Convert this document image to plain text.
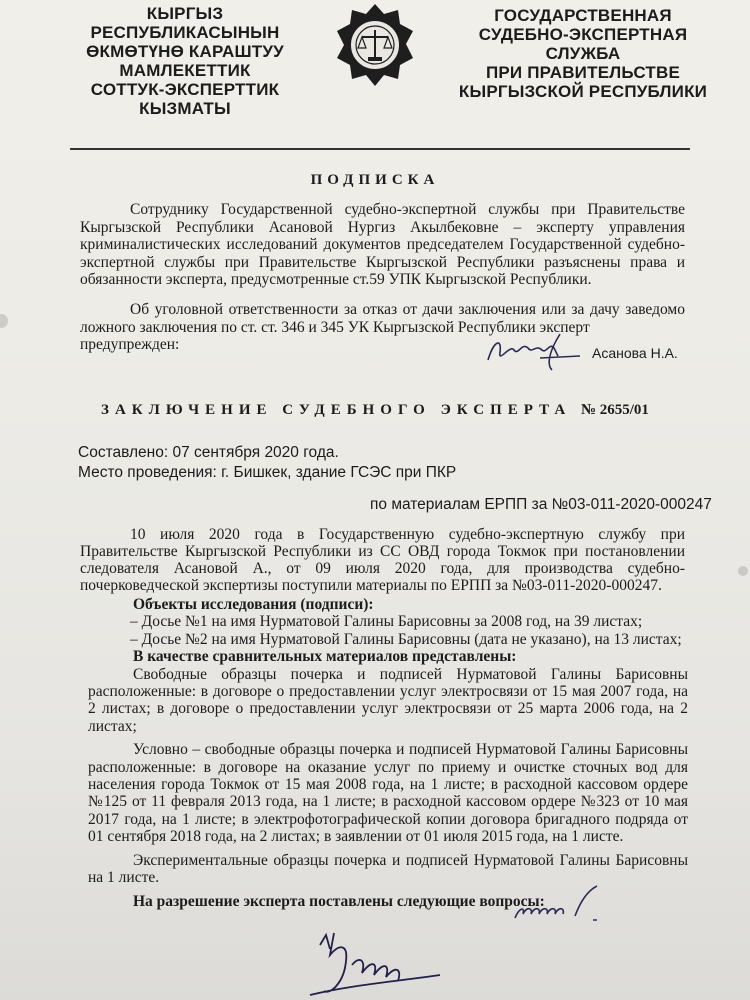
КЫРГЫЗ РЕСПУБЛИКАСЫНЫН
ӨКМӨТҮНӨ КАРАШТУУ
МАМЛЕКЕТТИК
СОТТУК-ЭКСПЕРТТИК
КЫЗМАТЫ
ГОСУДАРСТВЕННАЯ
СУДЕБНО-ЭКСПЕРТНАЯ
СЛУЖБА
ПРИ ПРАВИТЕЛЬСТВЕ
КЫРГЫЗСКОЙ РЕСПУБЛИКИ
ПОДПИСКА
Сотруднику Государственной судебно-экспертной службы при Правительстве Кыргызской Республики Асановой Нургиз Акылбековне – эксперту управления криминалистических исследований документов председателем Государственной судебно-экспертной службы при Правительстве Кыргызской Республики разъяснены права и обязанности эксперта, предусмотренные ст.59 УПК Кыргызской Республики.
Об уголовной ответственности за отказ от дачи заключения или за дачу заведомо ложного заключения по ст. ст. 346 и 345 УК Кыргызской Республики эксперт
предупрежден:	Асанова Н.А.
ЗАКЛЮЧЕНИЕ СУДЕБНОГО ЭКСПЕРТА № 2655/01
Составлено: 07 сентября 2020 года.
Место проведения: г. Бишкек, здание ГСЭС при ПКР
по материалам ЕРПП за №03-011-2020-000247
10 июля 2020 года в Государственную судебно-экспертную службу при Правительстве Кыргызской Республики из СС ОВД города Токмок при постановлении следователя Асановой А., от 09 июля 2020 года, для производства судебно-почерковедческой экспертизы поступили материалы по ЕРПП за №03-011-2020-000247.
Объекты исследования (подписи):
– Досье №1 на имя Нурматовой Галины Барисовны за 2008 год, на 39 листах;
– Досье №2 на имя Нурматовой Галины Барисовны (дата не указано), на 13 листах;
В качестве сравнительных материалов представлены:
Свободные образцы почерка и подписей Нурматовой Галины Барисовны расположенные: в договоре о предоставлении услуг электросвязи от 15 мая 2007 года, на 2 листах; в договоре о предоставлении услуг электросвязи от 25 марта 2006 года, на 2 листах;
Условно – свободные образцы почерка и подписей Нурматовой Галины Барисовны расположенные: в договоре на оказание услуг по приему и очистке сточных вод для населения города Токмок от 15 мая 2008 года, на 1 листе; в расходной кассовом ордере №125 от 11 февраля 2013 года, на 1 листе; в расходной кассовом ордере №323 от 10 мая 2017 года, на 1 листе; в электрофотографической копии договора бригадного подряда от 01 сентября 2018 года, на 2 листах; в заявлении от 01 июля 2015 года, на 1 листе.
Экспериментальные образцы почерка и подписей Нурматовой Галины Барисовны на 1 листе.
На разрешение эксперта поставлены следующие вопросы:
